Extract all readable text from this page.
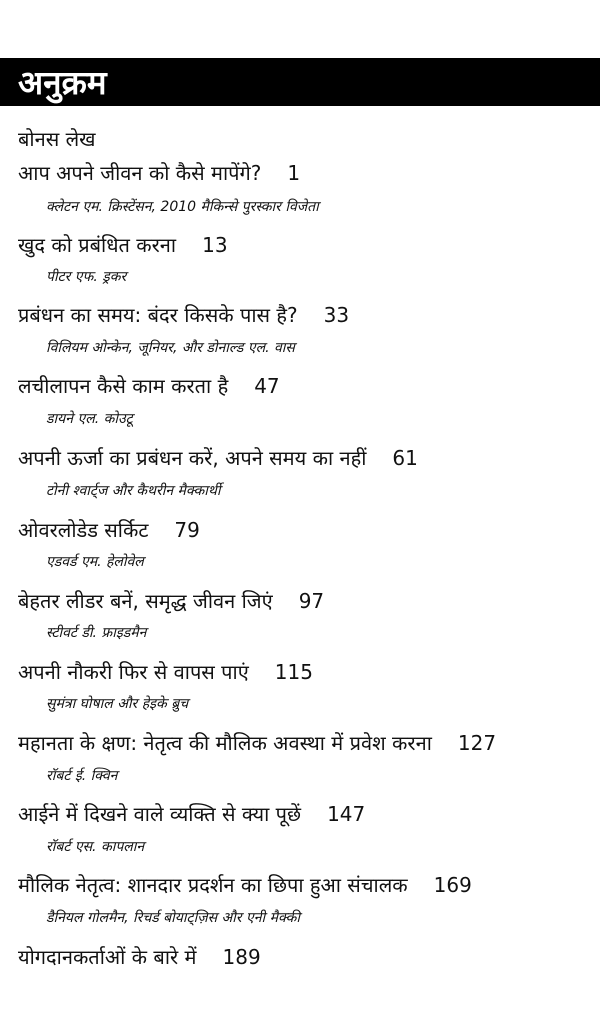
अनुक्रम
बोनस लेख
आप अपने जीवन को कैसे मापेंगे? 1
क्लेटन एम. क्रिस्टेंसन, 2010 मैकिन्से पुरस्कार विजेता
खुद को प्रबंधित करना 13
पीटर एफ. ड्रकर
प्रबंधन का समय: बंदर किसके पास है? 33
विलियम ओन्केन, जूनियर, और डोनाल्ड एल. वास
लचीलापन कैसे काम करता है 47
डायने एल. कोउटू
अपनी ऊर्जा का प्रबंधन करें, अपने समय का नहीं 61
टोनी श्वार्ट्ज और कैथरीन मैक्कार्थी
ओवरलोडेड सर्किट 79
एडवर्ड एम. हेलोवेल
बेहतर लीडर बनें, समृद्ध जीवन जिएं 97
स्टीवर्ट डी. फ्राइडमैन
अपनी नौकरी फिर से वापस पाएं 115
सुमंत्रा घोषाल और हेइके ब्रुच
महानता के क्षण: नेतृत्व की मौलिक अवस्था में प्रवेश करना 127
रॉबर्ट ई. क्विन
आईने में दिखने वाले व्यक्ति से क्या पूछें 147
रॉबर्ट एस. कापलान
मौलिक नेतृत्व: शानदार प्रदर्शन का छिपा हुआ संचालक 169
डैनियल गोलमैन, रिचर्ड बोयाट्ज़िस और एनी मैक्की
योगदानकर्ताओं के बारे में 189
